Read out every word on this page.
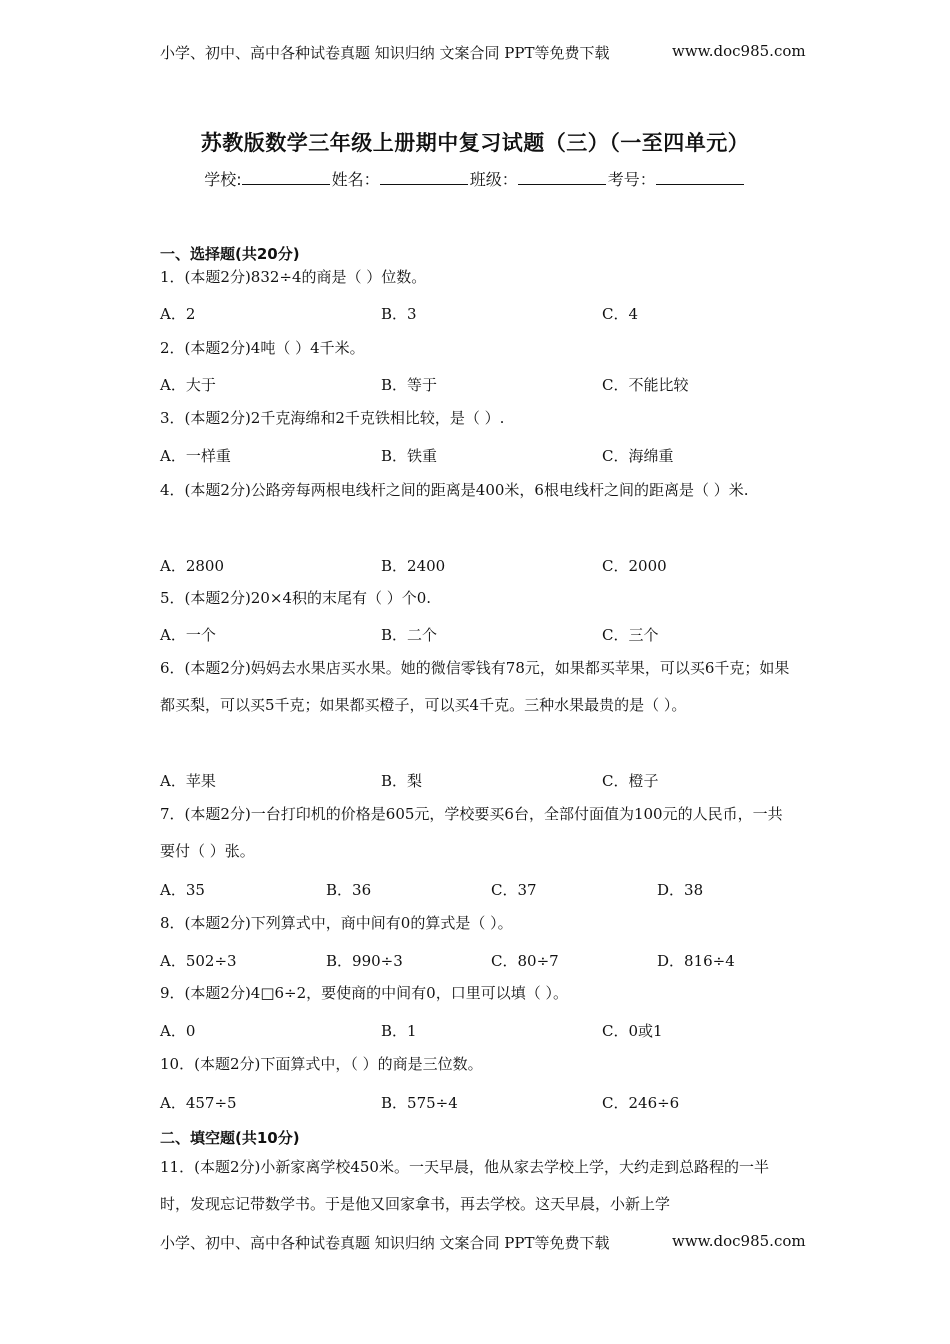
小学、初中、高中各种试卷真题 知识归纳 文案合同 PPT等免费下载	www.doc985.com
苏教版数学三年级上册期中复习试题（三）（一至四单元）
学校:	姓名：	班级：	考号：
一、选择题(共20分)
1．(本题2分)832÷4的商是（ ）位数。
A．2	B．3	C．4
2．(本题2分)4吨（ ）4千米。
A．大于	B．等于	C．不能比较
3．(本题2分)2千克海绵和2千克铁相比较，是（ ）.
A．一样重	B．铁重	C．海绵重
4．(本题2分)公路旁每两根电线杆之间的距离是400米，6根电线杆之间的距离是（ ）米.
A．2800	B．2400	C．2000
5．(本题2分)20×4积的末尾有（ ）个0.
A．一个	B．二个	C．三个
6．(本题2分)妈妈去水果店买水果。她的微信零钱有78元，如果都买苹果，可以买6千克；如果都买梨，可以买5千克；如果都买橙子，可以买4千克。三种水果最贵的是（ ）。
A．苹果	B．梨	C．橙子
7．(本题2分)一台打印机的价格是605元，学校要买6台，全部付面值为100元的人民币，一共要付（ ）张。
A．35	B．36	C．37	D．38
8．(本题2分)下列算式中，商中间有0的算式是（ ）。
A．502÷3	B．990÷3	C．80÷7	D．816÷4
9．(本题2分)4□6÷2，要使商的中间有0，口里可以填（ ）。
A．0	B．1	C．0或1
10．(本题2分)下面算式中，（ ）的商是三位数。
A．457÷5	B．575÷4	C．246÷6
二、填空题(共10分)
11．(本题2分)小新家离学校450米。一天早晨，他从家去学校上学，大约走到总路程的一半时，发现忘记带数学书。于是他又回家拿书，再去学校。这天早晨，小新上学
小学、初中、高中各种试卷真题 知识归纳 文案合同 PPT等免费下载	www.doc985.com
